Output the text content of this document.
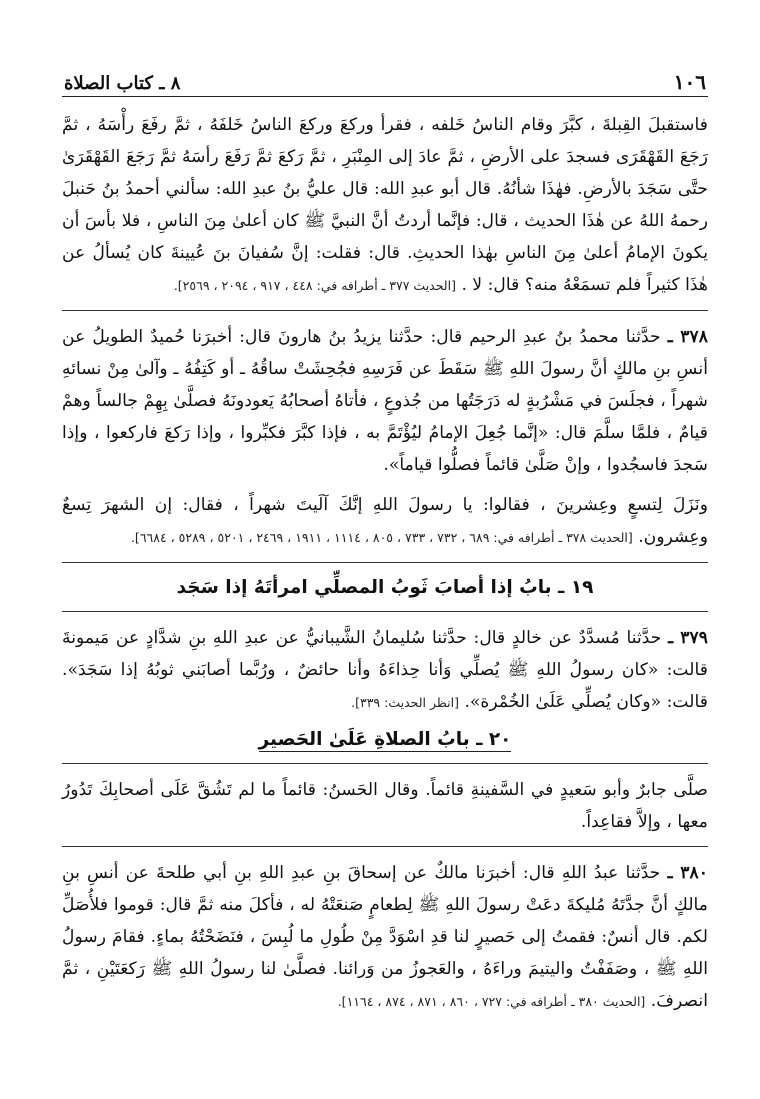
١٠٦
٨ ـ كتاب الصلاة

فاستقبلَ القِبلةَ ، كبَّرَ وقام الناسُ خَلفه ، فقرأ وركعَ وركعَ الناسُ خَلفَهُ ، ثمَّ رفَعَ رأْسَهُ ، ثمَّ رَجَعَ القَهْقَرَى فسجدَ على الأرضِ ، ثمَّ عادَ إلى المِنْبَرِ ، ثمَّ رَكعَ ثمَّ رَفَعَ رأسَهُ ثمَّ رَجَعَ القَهْقَرَىٰ حتَّى سَجَدَ بالأرضِ. فهٰذَا شأنُهُ. قال أبو عبدِ الله: قال عليُّ بنُ عبدِ الله: سألني أحمدُ بنُ حَنبلَ رحمهُ اللهُ عن هٰذَا الحديث ، قال: فإنَّما أردتُ أنَّ النبيَّ ﷺ كان أعلىٰ مِنَ الناسِ ، فلا بأسَ أن يكونَ الإمامُ أعلىٰ مِنَ الناسِ بهٰذا الحديثِ. قال: فقلت: إنَّ سُفيانَ بنَ عُيينةَ كان يُسألُ عن هٰذَا كثيراً فلم تسمَعْهُ منه؟ قال: لا . [الحديث ٣٧٧ ـ أطرافه في: ٤٤٨ ، ٩١٧ ، ٢٠٩٤ ، ٢٥٦٩].

٣٧٨ ـ حدَّثنا محمدُ بنُ عبدِ الرحيم قال: حدَّثنا يزيدُ بنُ هارونَ قال: أخبرَنا حُميدٌ الطويلُ عن أنسِ بنِ مالكٍ أنَّ رسولَ اللهِ ﷺ سَقَطَ عن فَرَسِهِ فجُحِشَتْ ساقُهُ ـ أو كَتِفُهُ ـ وآلىٰ مِنْ نسائهِ شهراً ، فجلَسَ في مَشْرُبةٍ له دَرَجَتُها من جُذوعٍ ، فأتاهُ أصحابُهُ يَعودونَهُ فصلَّىٰ بِهِمْ جالساً وهمْ قيامٌ ، فلمَّا سلَّمَ قال: «إنَّما جُعِلَ الإمامُ ليُؤْتَمَّ به ، فإذا كبَّرَ فكبِّروا ، وإذا رَكعَ فاركعوا ، وإذا سَجدَ فاسجُدوا ، وإنْ صَلَّىٰ قائماً فصلُّوا قياماً».

ونَزَلَ لِتسعٍ وعِشرينَ ، فقالوا: يا رسولَ اللهِ إنَّكَ آلَيتَ شهراً ، فقال: إن الشهرَ تِسعٌ وعِشرون. [الحديث ٣٧٨ ـ أطرافه في: ٦٨٩ ، ٧٣٢ ، ٧٣٣ ، ٨٠٥ ، ١١١٤ ، ١٩١١ ، ٢٤٦٩ ، ٥٢٠١ ، ٥٢٨٩ ، ٦٦٨٤].

١٩ ـ بابُ إذا أصابَ ثَوبُ المصلِّي امرأتَهُ إذا سَجَد

٣٧٩ ـ حدَّثنا مُسدَّدٌ عن خالدٍ قال: حدَّثنا سُليمانُ الشَّيبانيُّ عن عبدِ اللهِ بنِ شدَّادٍ عن مَيمونةَ قالت: «كان رسولُ اللهِ ﷺ يُصلِّي وَأنا حِذاءَهُ وأنا حائضٌ ، ورُبَّما أصابَني ثوبُهُ إذا سَجَدَ». قالت: «وكان يُصلِّي عَلَىٰ الخُمْرة». [انظر الحديث: ٣٣٩].

٢٠ ـ بابُ الصلاةِ عَلَىٰ الحَصير

صلَّى جابرٌ وأبو سَعيدٍ في السَّفينةِ قائماً. وقال الحَسنُ: قائماً ما لم تَشُقَّ عَلَى أصحابِكَ تَدُورُ معها ، وإلاَّ فقاعِداً.

٣٨٠ ـ حدَّثنا عبدُ اللهِ قال: أخبرَنا مالكٌ عن إسحاقَ بنِ عبدِ اللهِ بنِ أبي طلحةَ عن أنسِ بنِ مالكٍ أنَّ جدَّتَهُ مُليكةَ دعَتْ رسولَ اللهِ ﷺ لِطعامٍ صَنعَتْهُ له ، فأكلَ منه ثمَّ قال: قوموا فلأُصَلِّ لكم. قال أنسٌ: فقمتُ إلى حَصيرٍ لنا قدِ اسْوَدَّ مِنْ طُولِ ما لُبِسَ ، فنَضَحْتُهُ بماءٍ. فقامَ رسولُ اللهِ ﷺ ، وصَفَفْتُ واليتيمَ وراءَهُ ، والعَجوزُ من وَرائنا. فصلَّىٰ لنا رسولُ اللهِ ﷺ رَكعَتَيْنِ ، ثمَّ انصرفَ. [الحديث ٣٨٠ ـ أطرافه في: ٧٢٧ ، ٨٦٠ ، ٨٧١ ، ٨٧٤ ، ١١٦٤].
